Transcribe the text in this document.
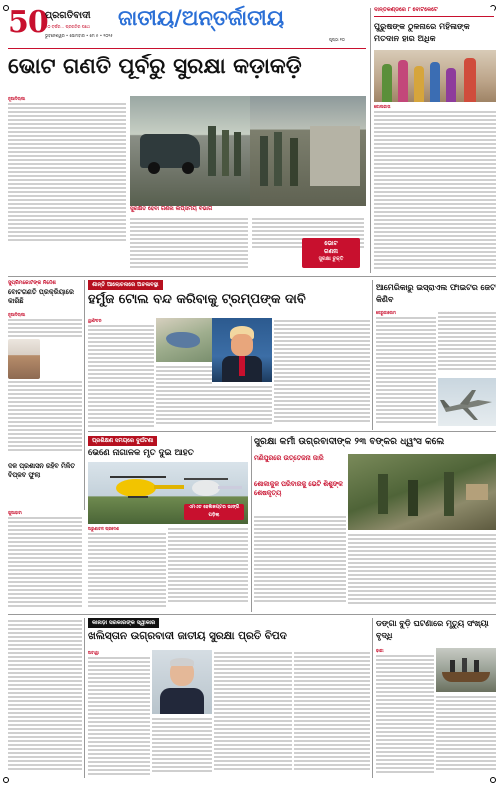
50
ପ୍ରଗତିବାଦୀ
୫୦ ବର୍ଷର... ପ୍ରଗତିର ପଥେ
ଭୁବନେଶ୍ୱର • ସୋମବାର • ମେ ୫ • ୨୦୨୫
ଜାତୀୟ/ଅନ୍ତର୍ଜାତୀୟ
ପୃଷ୍ଠା ୧୦
ଭୋଟ ଗଣତି ପୂର୍ବରୁ ସୁରକ୍ଷା କଡ଼ାକଡ଼ି
ନୂଆଦିଲ୍ଲୀ
ସୁରକ୍ଷିତ ହେବା ଗଣନା ଲିପ୍ସମୟ ବିଭାଗ
ଭୋଟ
ଗଣନା
ସୁରକ୍ଷା ଚୁକ୍ତି
ଦାନ୍ତିକଣ୍ଡରେ ୮ ବୋଟକେଟେ
ପୁରୁଷଙ୍କ ଠୁଳନାରେ ମହିଳାଙ୍କ ମତଦାନ ହାର ଅଧିକ
କୋଲକାତା
ସୁପ୍ରିମକୋର୍ଟଙ୍କ ନିର୍ଦ୍ଦେଶ
ବୋଟଗଣତି ପ୍ରକ୍ରିୟାରେ କାରିଛି
ନୂଆଦିଲ୍ଲୀ
ଶାନ୍ତି ଆଲୋଚନାରେ ଅଚଳାବସ୍ଥା
ହର୍ମୁଜ ଟୋଲ ବନ୍ଦ କରିବାକୁ ଟ୍ରମ୍ପଙ୍କ ଦାବି
ୱାଶିଂଟନ
ଆମେରିକାରୁ ଇସ୍ରାଏଲ ଫାଇଟର ଜେଟ କିଣିବ
ଜେରୁଜାଲେମ
ଦଳ ପ୍ରଶାସନ ରହିବ ମିଳିତ ବିପ୍ଳବ ଫୁଲା
ଗୁଆହାଟୀ
ପ୍ରଶିକ୍ଷଣ ସମୟରେ ଦୁର୍ଘଟଣା
ଭେଣେ ନାଗାଳକ ମୃତ ଦୁଇ ଆହତ
ଏମଏଚ ହେଲିକପ୍ଟର ଭାଙ୍ଗି ପଡ଼ିଲା
ଅରୁଣାଚଳ ପ୍ରଦେଶ
ସୁରକ୍ଷା କର୍ମୀ ଉଗ୍ରବାଦୀଙ୍କ ୨୩ ବଙ୍କର ଧ୍ୱଂସ କଲେ
ମଣିପୁରରେ ଉତ୍ତେଜନା ଜାରି
ଶୋକାକୁଳ ପରିବାରକୁ ଭେଟି ଶିଶୁଙ୍କ ଶେଷକୃତ୍ୟ
କାନାଡ଼ା ସରକାରଙ୍କ ସ୍ୱୀକାର
ଖଲିସ୍ତାନ ଉଗ୍ରବାଦୀ ଜାତୀୟ ସୁରକ୍ଷା ପ୍ରତି ବିପଦ
ଅଟାୱା
ଡଙ୍ଗା ବୁଡ଼ି ଘଟଣାରେ ମୃତ୍ୟୁ ସଂଖ୍ୟା ବୃଦ୍ଧି
ଢାକା
